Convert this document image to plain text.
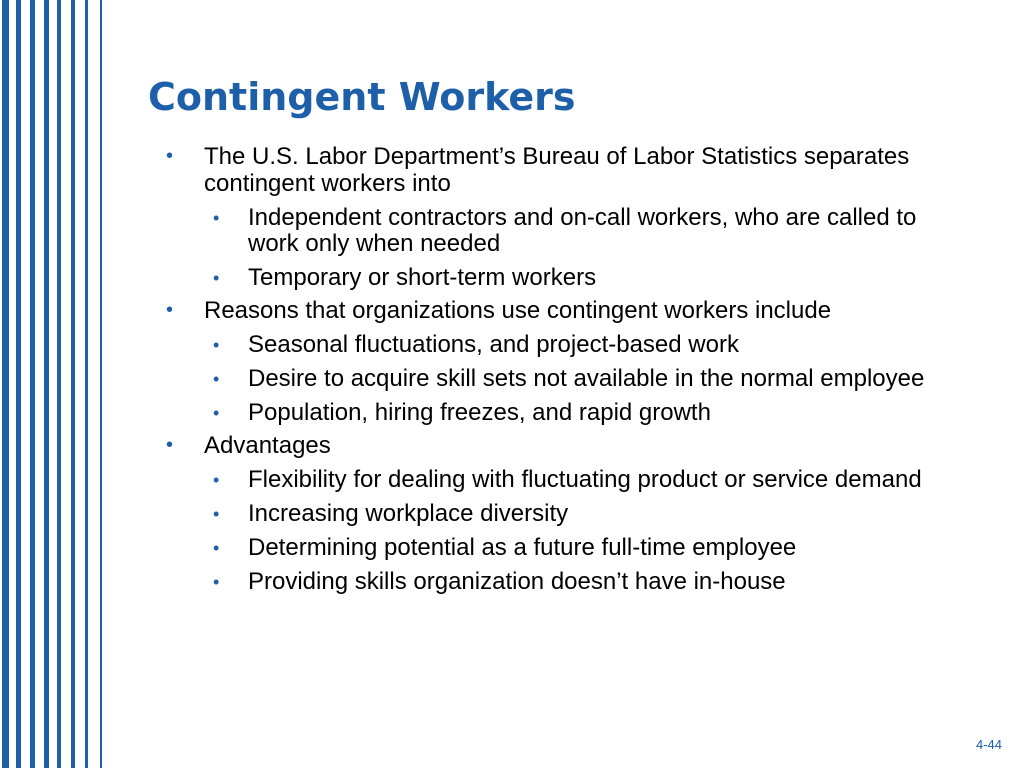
Contingent Workers
• The U.S. Labor Department’s Bureau of Labor Statistics separates contingent workers into
• Independent contractors and on-call workers, who are called to work only when needed
• Temporary or short-term workers
• Reasons that organizations use contingent workers include
• Seasonal fluctuations, and project-based work
• Desire to acquire skill sets not available in the normal employee
• Population, hiring freezes, and rapid growth
• Advantages
• Flexibility for dealing with fluctuating product or service demand
• Increasing workplace diversity
• Determining potential as a future full-time employee
• Providing skills organization doesn’t have in-house
4-44
